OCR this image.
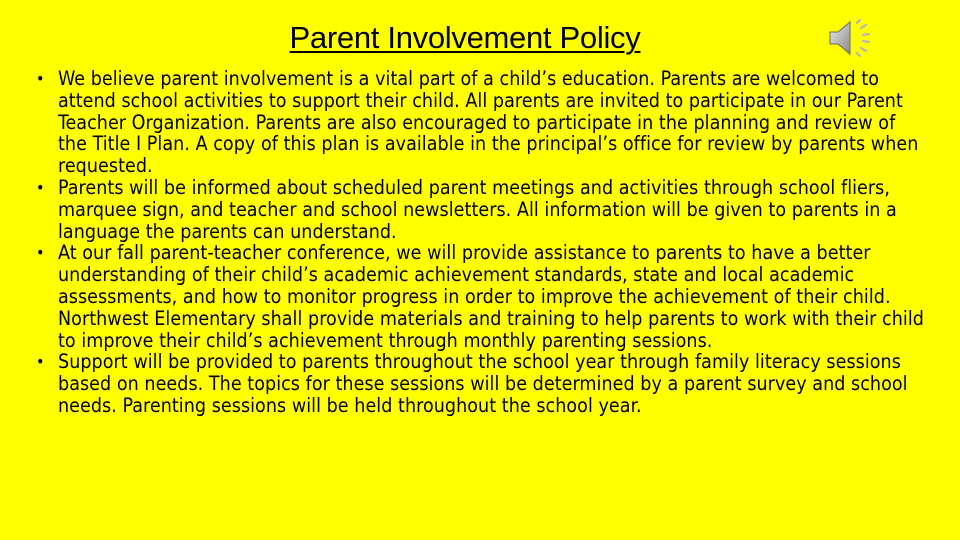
Parent Involvement Policy
• We believe parent involvement is a vital part of a child’s education. Parents are welcomed to attend school activities to support their child. All parents are invited to participate in our Parent Teacher Organization. Parents are also encouraged to participate in the planning and review of the Title I Plan. A copy of this plan is available in the principal’s office for review by parents when requested.
• Parents will be informed about scheduled parent meetings and activities through school fliers, marquee sign, and teacher and school newsletters. All information will be given to parents in a language the parents can understand.
• At our fall parent-teacher conference, we will provide assistance to parents to have a better understanding of their child’s academic achievement standards, state and local academic assessments, and how to monitor progress in order to improve the achievement of their child. Northwest Elementary shall provide materials and training to help parents to work with their child to improve their child’s achievement through monthly parenting sessions.
• Support will be provided to parents throughout the school year through family literacy sessions based on needs. The topics for these sessions will be determined by a parent survey and school needs. Parenting sessions will be held throughout the school year.
